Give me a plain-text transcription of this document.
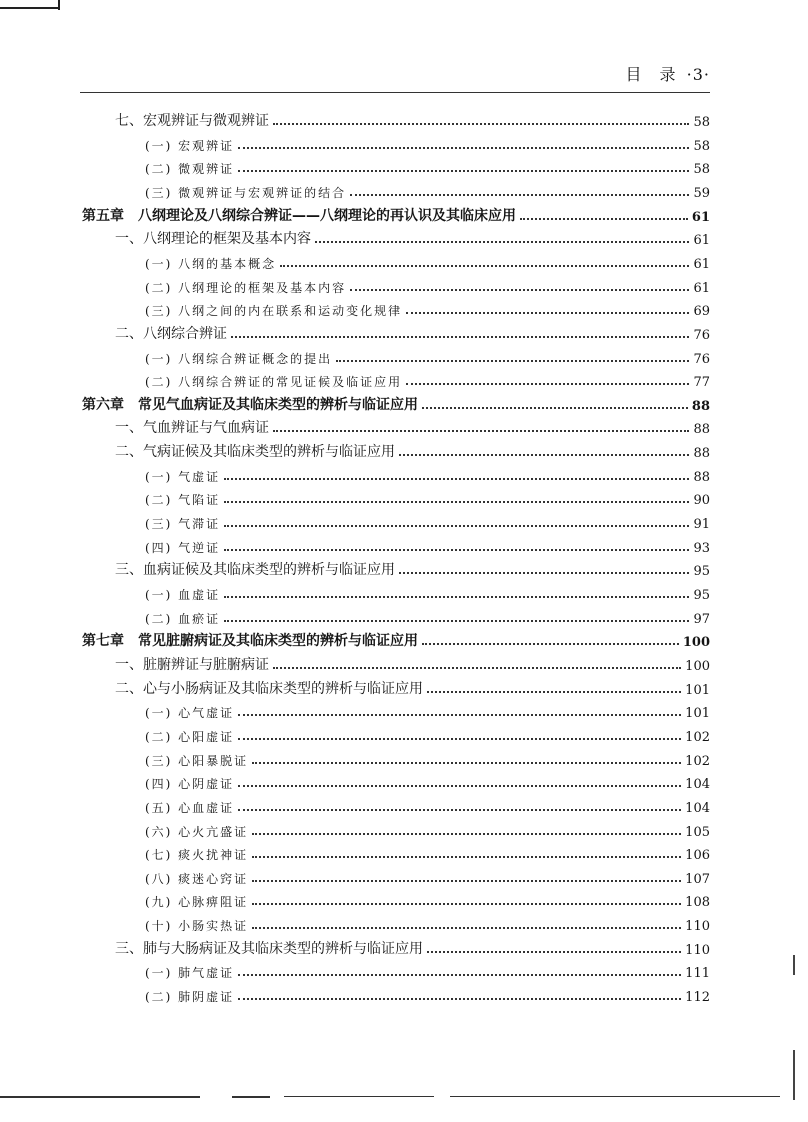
目　录 ·3·
七、宏观辨证与微观辨证	58
(一) 宏观辨证	58
(二) 微观辨证	58
(三) 微观辨证与宏观辨证的结合	59
第五章 八纲理论及八纲综合辨证——八纲理论的再认识及其临床应用	61
一、八纲理论的框架及基本内容	61
(一) 八纲的基本概念	61
(二) 八纲理论的框架及基本内容	61
(三) 八纲之间的内在联系和运动变化规律	69
二、八纲综合辨证	76
(一) 八纲综合辨证概念的提出	76
(二) 八纲综合辨证的常见证候及临证应用	77
第六章 常见气血病证及其临床类型的辨析与临证应用	88
一、气血辨证与气血病证	88
二、气病证候及其临床类型的辨析与临证应用	88
(一) 气虚证	88
(二) 气陷证	90
(三) 气滞证	91
(四) 气逆证	93
三、血病证候及其临床类型的辨析与临证应用	95
(一) 血虚证	95
(二) 血瘀证	97
第七章 常见脏腑病证及其临床类型的辨析与临证应用	100
一、脏腑辨证与脏腑病证	100
二、心与小肠病证及其临床类型的辨析与临证应用	101
(一) 心气虚证	101
(二) 心阳虚证	102
(三) 心阳暴脱证	102
(四) 心阴虚证	104
(五) 心血虚证	104
(六) 心火亢盛证	105
(七) 痰火扰神证	106
(八) 痰迷心窍证	107
(九) 心脉痹阻证	108
(十) 小肠实热证	110
三、肺与大肠病证及其临床类型的辨析与临证应用	110
(一) 肺气虚证	111
(二) 肺阴虚证	112
